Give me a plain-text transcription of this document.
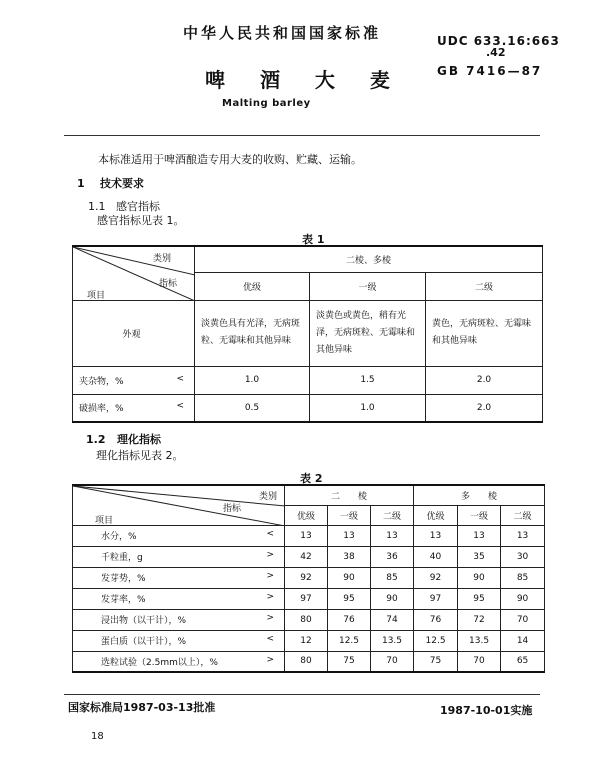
中华人民共和国国家标准	UDC 633.16:663
.42
GB 7416—87
啤 酒 大 麦
Malting barley
本标准适用于啤酒酿造专用大麦的收购、贮藏、运输。
1 技术要求
1.1 感官指标
感官指标见表 1。
表 1
类别
指标
项目	二棱、多棱		
	优级	一级	二级

外观	淡黄色具有光泽，无病斑粒、无霉味和其他异味	淡黄色或黄色，稍有光泽，无病斑粒、无霉味和其他异味	黄色，无病斑粒、无霉味和其他异味

夹杂物，% <	1.0	1.5	2.0

破损率，% <	0.5	1.0	2.0
1.2 理化指标
理化指标见表 2。
表 2
类别
指标
项目	二　　棱			多　　棱		
	优级	一级	二级	优级	一级	二级

水分，% <	13	13	13	13	13	13

千粒重，g >	42	38	36	40	35	30

发芽势，% >	92	90	85	92	90	85

发芽率，% >	97	95	90	97	95	90

浸出物（以干计），% >	80	76	74	76	72	70

蛋白质（以干计），% <	12	12.5	13.5	12.5	13.5	14

选粒试验（2.5mm以上），% >	80	75	70	75	70	65
国家标准局1987-03-13批准	1987-10-01实施
18
